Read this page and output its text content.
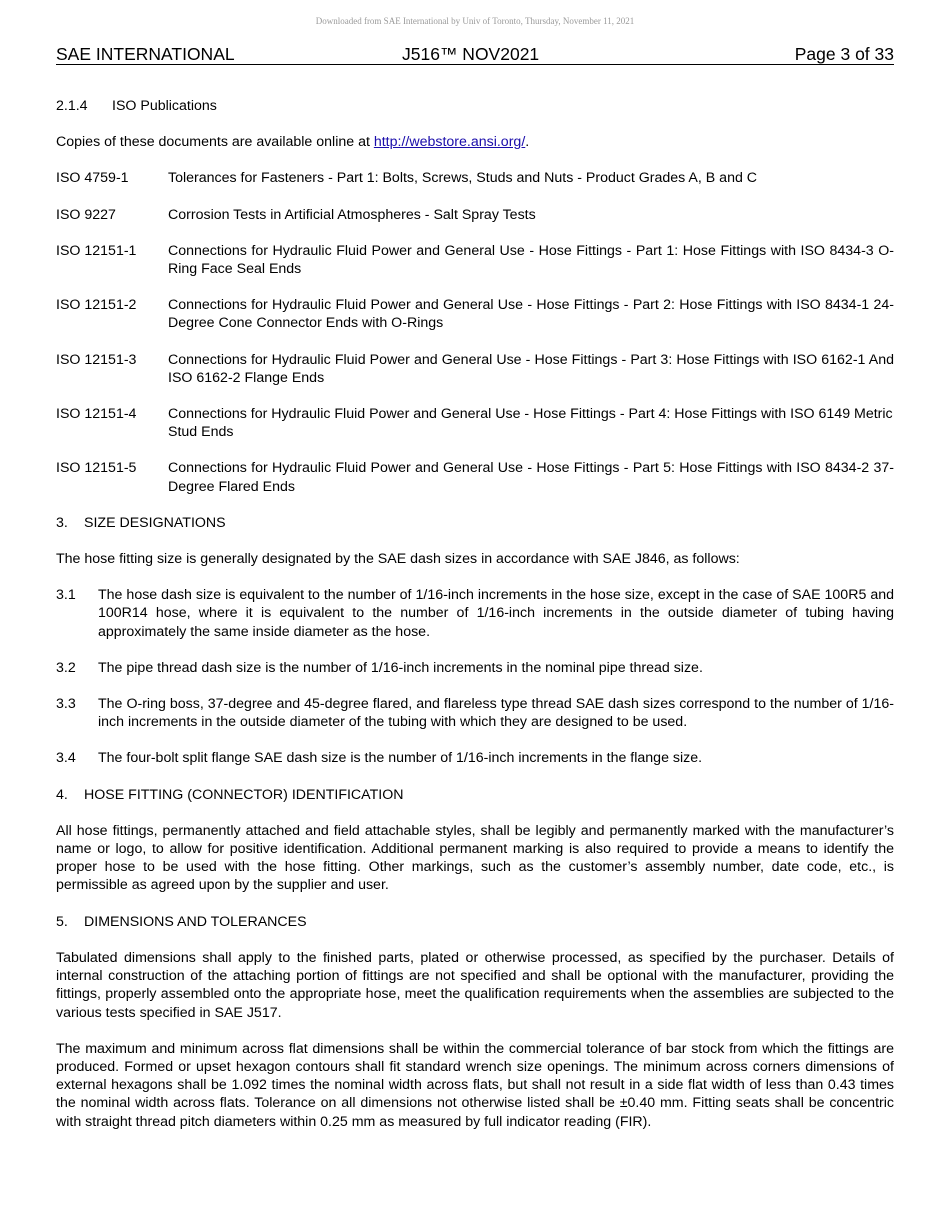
Downloaded from SAE International by Univ of Toronto, Thursday, November 11, 2021
SAE INTERNATIONAL	J516™ NOV2021	Page 3 of 33
2.1.4	ISO Publications

Copies of these documents are available online at http://webstore.ansi.org/.

ISO 4759-1	Tolerances for Fasteners - Part 1: Bolts, Screws, Studs and Nuts - Product Grades A, B and C
ISO 9227	Corrosion Tests in Artificial Atmospheres - Salt Spray Tests
ISO 12151-1	Connections for Hydraulic Fluid Power and General Use - Hose Fittings - Part 1: Hose Fittings with ISO 8434-3 O-Ring Face Seal Ends
ISO 12151-2	Connections for Hydraulic Fluid Power and General Use - Hose Fittings - Part 2: Hose Fittings with ISO 8434-1 24-Degree Cone Connector Ends with O-Rings
ISO 12151-3	Connections for Hydraulic Fluid Power and General Use - Hose Fittings - Part 3: Hose Fittings with ISO 6162-1 And ISO 6162-2 Flange Ends
ISO 12151-4	Connections for Hydraulic Fluid Power and General Use - Hose Fittings - Part 4: Hose Fittings with ISO 6149 Metric Stud Ends
ISO 12151-5	Connections for Hydraulic Fluid Power and General Use - Hose Fittings - Part 5: Hose Fittings with ISO 8434-2 37-Degree Flared Ends
3.	SIZE DESIGNATIONS

The hose fitting size is generally designated by the SAE dash sizes in accordance with SAE J846, as follows:

3.1	The hose dash size is equivalent to the number of 1/16-inch increments in the hose size, except in the case of SAE 100R5 and 100R14 hose, where it is equivalent to the number of 1/16-inch increments in the outside diameter of tubing having approximately the same inside diameter as the hose.
3.2	The pipe thread dash size is the number of 1/16-inch increments in the nominal pipe thread size.
3.3	The O-ring boss, 37-degree and 45-degree flared, and flareless type thread SAE dash sizes correspond to the number of 1/16-inch increments in the outside diameter of the tubing with which they are designed to be used.
3.4	The four-bolt split flange SAE dash size is the number of 1/16-inch increments in the flange size.
4.	HOSE FITTING (CONNECTOR) IDENTIFICATION

All hose fittings, permanently attached and field attachable styles, shall be legibly and permanently marked with the manufacturer’s name or logo, to allow for positive identification. Additional permanent marking is also required to provide a means to identify the proper hose to be used with the hose fitting. Other markings, such as the customer’s assembly number, date code, etc., is permissible as agreed upon by the supplier and user.

5.	DIMENSIONS AND TOLERANCES

Tabulated dimensions shall apply to the finished parts, plated or otherwise processed, as specified by the purchaser. Details of internal construction of the attaching portion of fittings are not specified and shall be optional with the manufacturer, providing the fittings, properly assembled onto the appropriate hose, meet the qualification requirements when the assemblies are subjected to the various tests specified in SAE J517.

The maximum and minimum across flat dimensions shall be within the commercial tolerance of bar stock from which the fittings are produced. Formed or upset hexagon contours shall fit standard wrench size openings. The minimum across corners dimensions of external hexagons shall be 1.092 times the nominal width across flats, but shall not result in a side flat width of less than 0.43 times the nominal width across flats. Tolerance on all dimensions not otherwise listed shall be ±0.40 mm. Fitting seats shall be concentric with straight thread pitch diameters within 0.25 mm as measured by full indicator reading (FIR).
